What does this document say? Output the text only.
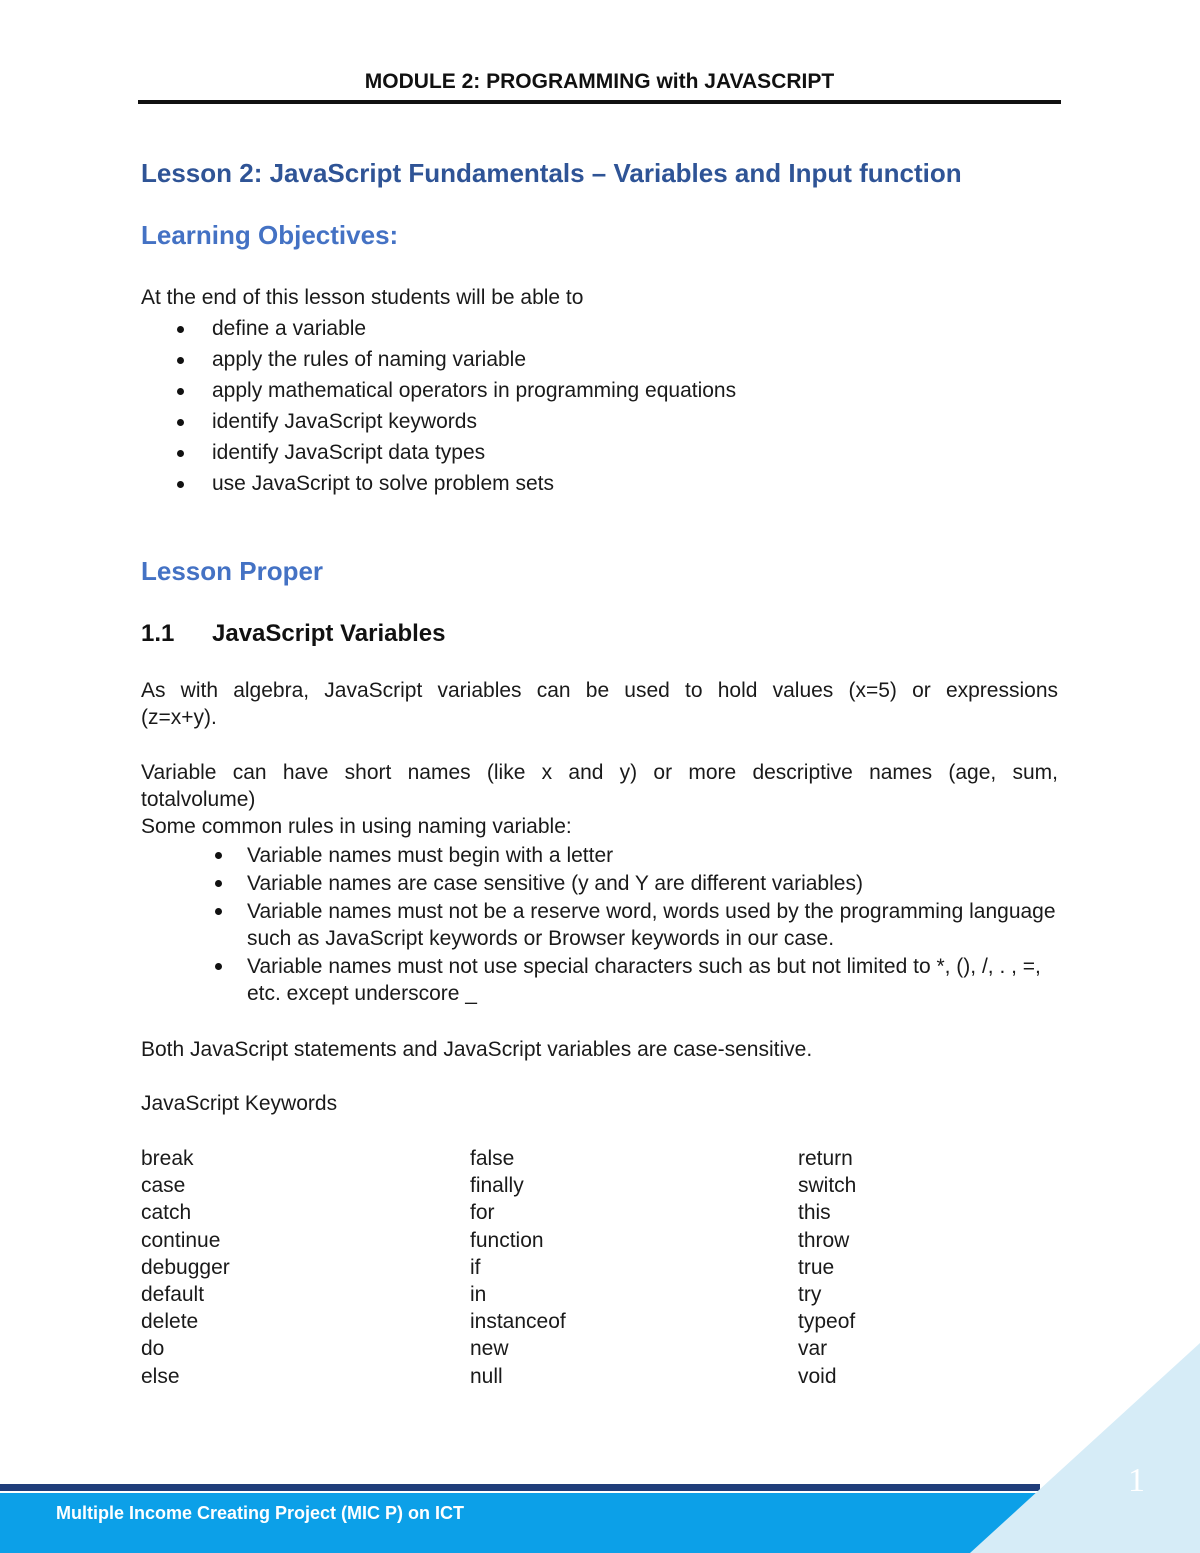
MODULE 2: PROGRAMMING with JAVASCRIPT
Lesson 2: JavaScript Fundamentals – Variables and Input function
Learning Objectives:
At the end of this lesson students will be able to
define a variable
apply the rules of naming variable
apply mathematical operators in programming equations
identify JavaScript keywords
identify JavaScript data types
use JavaScript to solve problem sets
Lesson Proper
1.1 JavaScript Variables
As with algebra, JavaScript variables can be used to hold values (x=5) or expressions
(z=x+y).
Variable can have short names (like x and y) or more descriptive names (age, sum,
totalvolume)
Some common rules in using naming variable:
Variable names must begin with a letter
Variable names are case sensitive (y and Y are different variables)
Variable names must not be a reserve word, words used by the programming language such as JavaScript keywords or Browser keywords in our case.
Variable names must not use special characters such as but not limited to *, (), /, . , =, etc. except underscore _
Both JavaScript statements and JavaScript variables are case-sensitive.
JavaScript Keywords
break
case
catch
continue
debugger
default
delete
do
else
false
finally
for
function
if
in
instanceof
new
null
return
switch
this
throw
true
try
typeof
var
void
Multiple Income Creating Project (MIC P) on ICT
1
